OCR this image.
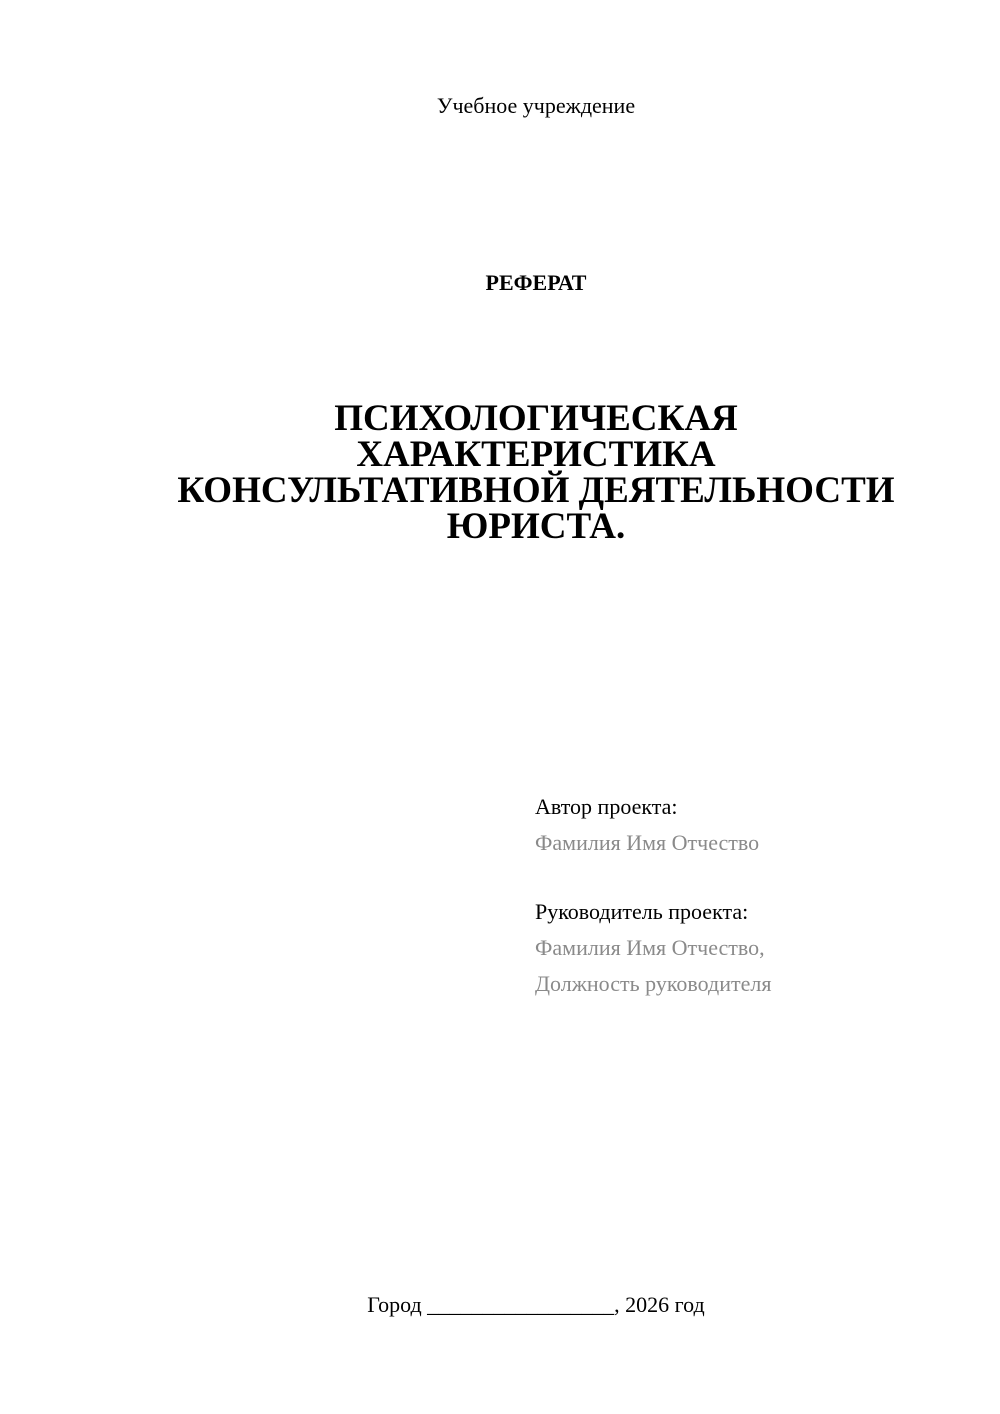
Учебное учреждение
РЕФЕРАТ
ПСИХОЛОГИЧЕСКАЯ
ХАРАКТЕРИСТИКА
КОНСУЛЬТАТИВНОЙ ДЕЯТЕЛЬНОСТИ
ЮРИСТА.
Автор проекта:
Фамилия Имя Отчество
Руководитель проекта:
Фамилия Имя Отчество,
Должность руководителя
Город _________________, 2026 год
